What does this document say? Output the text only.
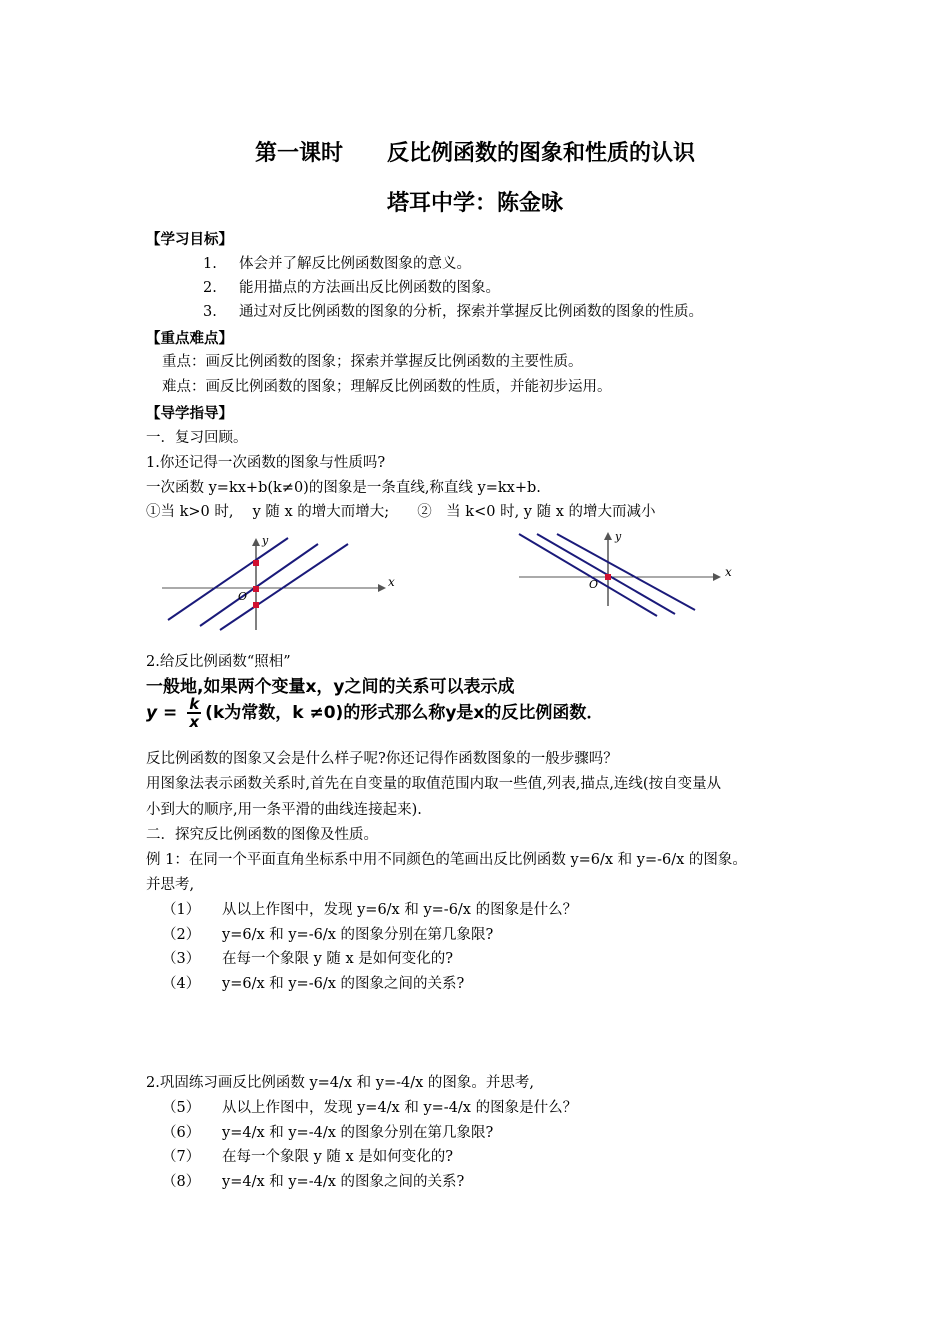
第一课时　　反比例函数的图象和性质的认识
塔耳中学：陈金咏
【学习目标】
1. 体会并了解反比例函数图象的意义。
2. 能用描点的方法画出反比例函数的图象。
3. 通过对反比例函数的图象的分析，探索并掌握反比例函数的图象的性质。
【重点难点】
重点：画反比例函数的图象；探索并掌握反比例函数的主要性质。
难点：画反比例函数的图象；理解反比例函数的性质，并能初步运用。
【导学指导】
一．复习回顾。
1.你还记得一次函数的图象与性质吗?
一次函数 y=kx+b(k≠0)的图象是一条直线,称直线 y=kx+b.
①当 k>0 时,　 y 随 x 的增大而增大; ②　当 k<0 时, y 随 x 的增大而减小
y
x
O
y
x
O
2.给反比例函数“照相”
一般地,如果两个变量x，y之间的关系可以表示成
$y = \frac{k}{x} (k$为常数，k ≠0)的形式那么称y是x的反比例函数．
反比例函数的图象又会是什么样子呢?你还记得作函数图象的一般步骤吗？
用图象法表示函数关系时,首先在自变量的取值范围内取一些值,列表,描点,连线(按自变量从
小到大的顺序,用一条平滑的曲线连接起来).
二．探究反比例函数的图像及性质。
例 1：在同一个平面直角坐标系中用不同颜色的笔画出反比例函数 y=6/x 和 y=-6/x 的图象。
并思考,
（1） 从以上作图中，发现 y=6/x 和 y=-6/x 的图象是什么？
（2） y=6/x 和 y=-6/x 的图象分别在第几象限?
（3） 在每一个象限 y 随 x 是如何变化的?
（4） y=6/x 和 y=-6/x 的图象之间的关系?
2.巩固练习画反比例函数 y=4/x 和 y=-4/x 的图象。并思考,
（5） 从以上作图中，发现 y=4/x 和 y=-4/x 的图象是什么？
（6） y=4/x 和 y=-4/x 的图象分别在第几象限?
（7） 在每一个象限 y 随 x 是如何变化的?
（8） y=4/x 和 y=-4/x 的图象之间的关系?
